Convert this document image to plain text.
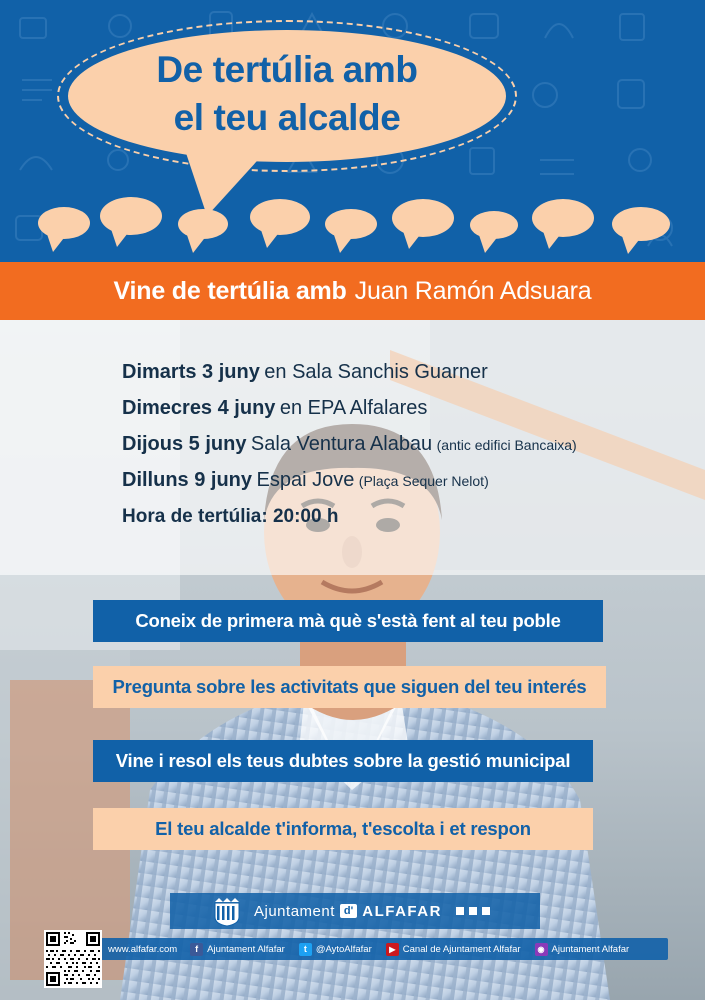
De tertúlia amb
el teu alcalde
Vine de tertúlia amb Juan Ramón Adsuara
Dimarts 3 juny en Sala Sanchis Guarner
Dimecres 4 juny en EPA Alfalares
Dijous 5 juny Sala Ventura Alabau (antic edifici Bancaixa)
Dilluns 9 juny Espai Jove (Plaça Sequer Nelot)
Hora de tertúlia: 20:00 h
Coneix de primera mà què s'està fent al teu poble
Pregunta sobre les activitats que siguen del teu interés
Vine i resol els teus dubtes sobre la gestió municipal
El teu alcalde t'informa, t'escolta i et respon
Ajuntament d' ALFAFAR
www.alfafar.com	f Ajuntament Alfafar	t @AytoAlfafar	▶ Canal de Ajuntament Alfafar	◉ Ajuntament Alfafar
